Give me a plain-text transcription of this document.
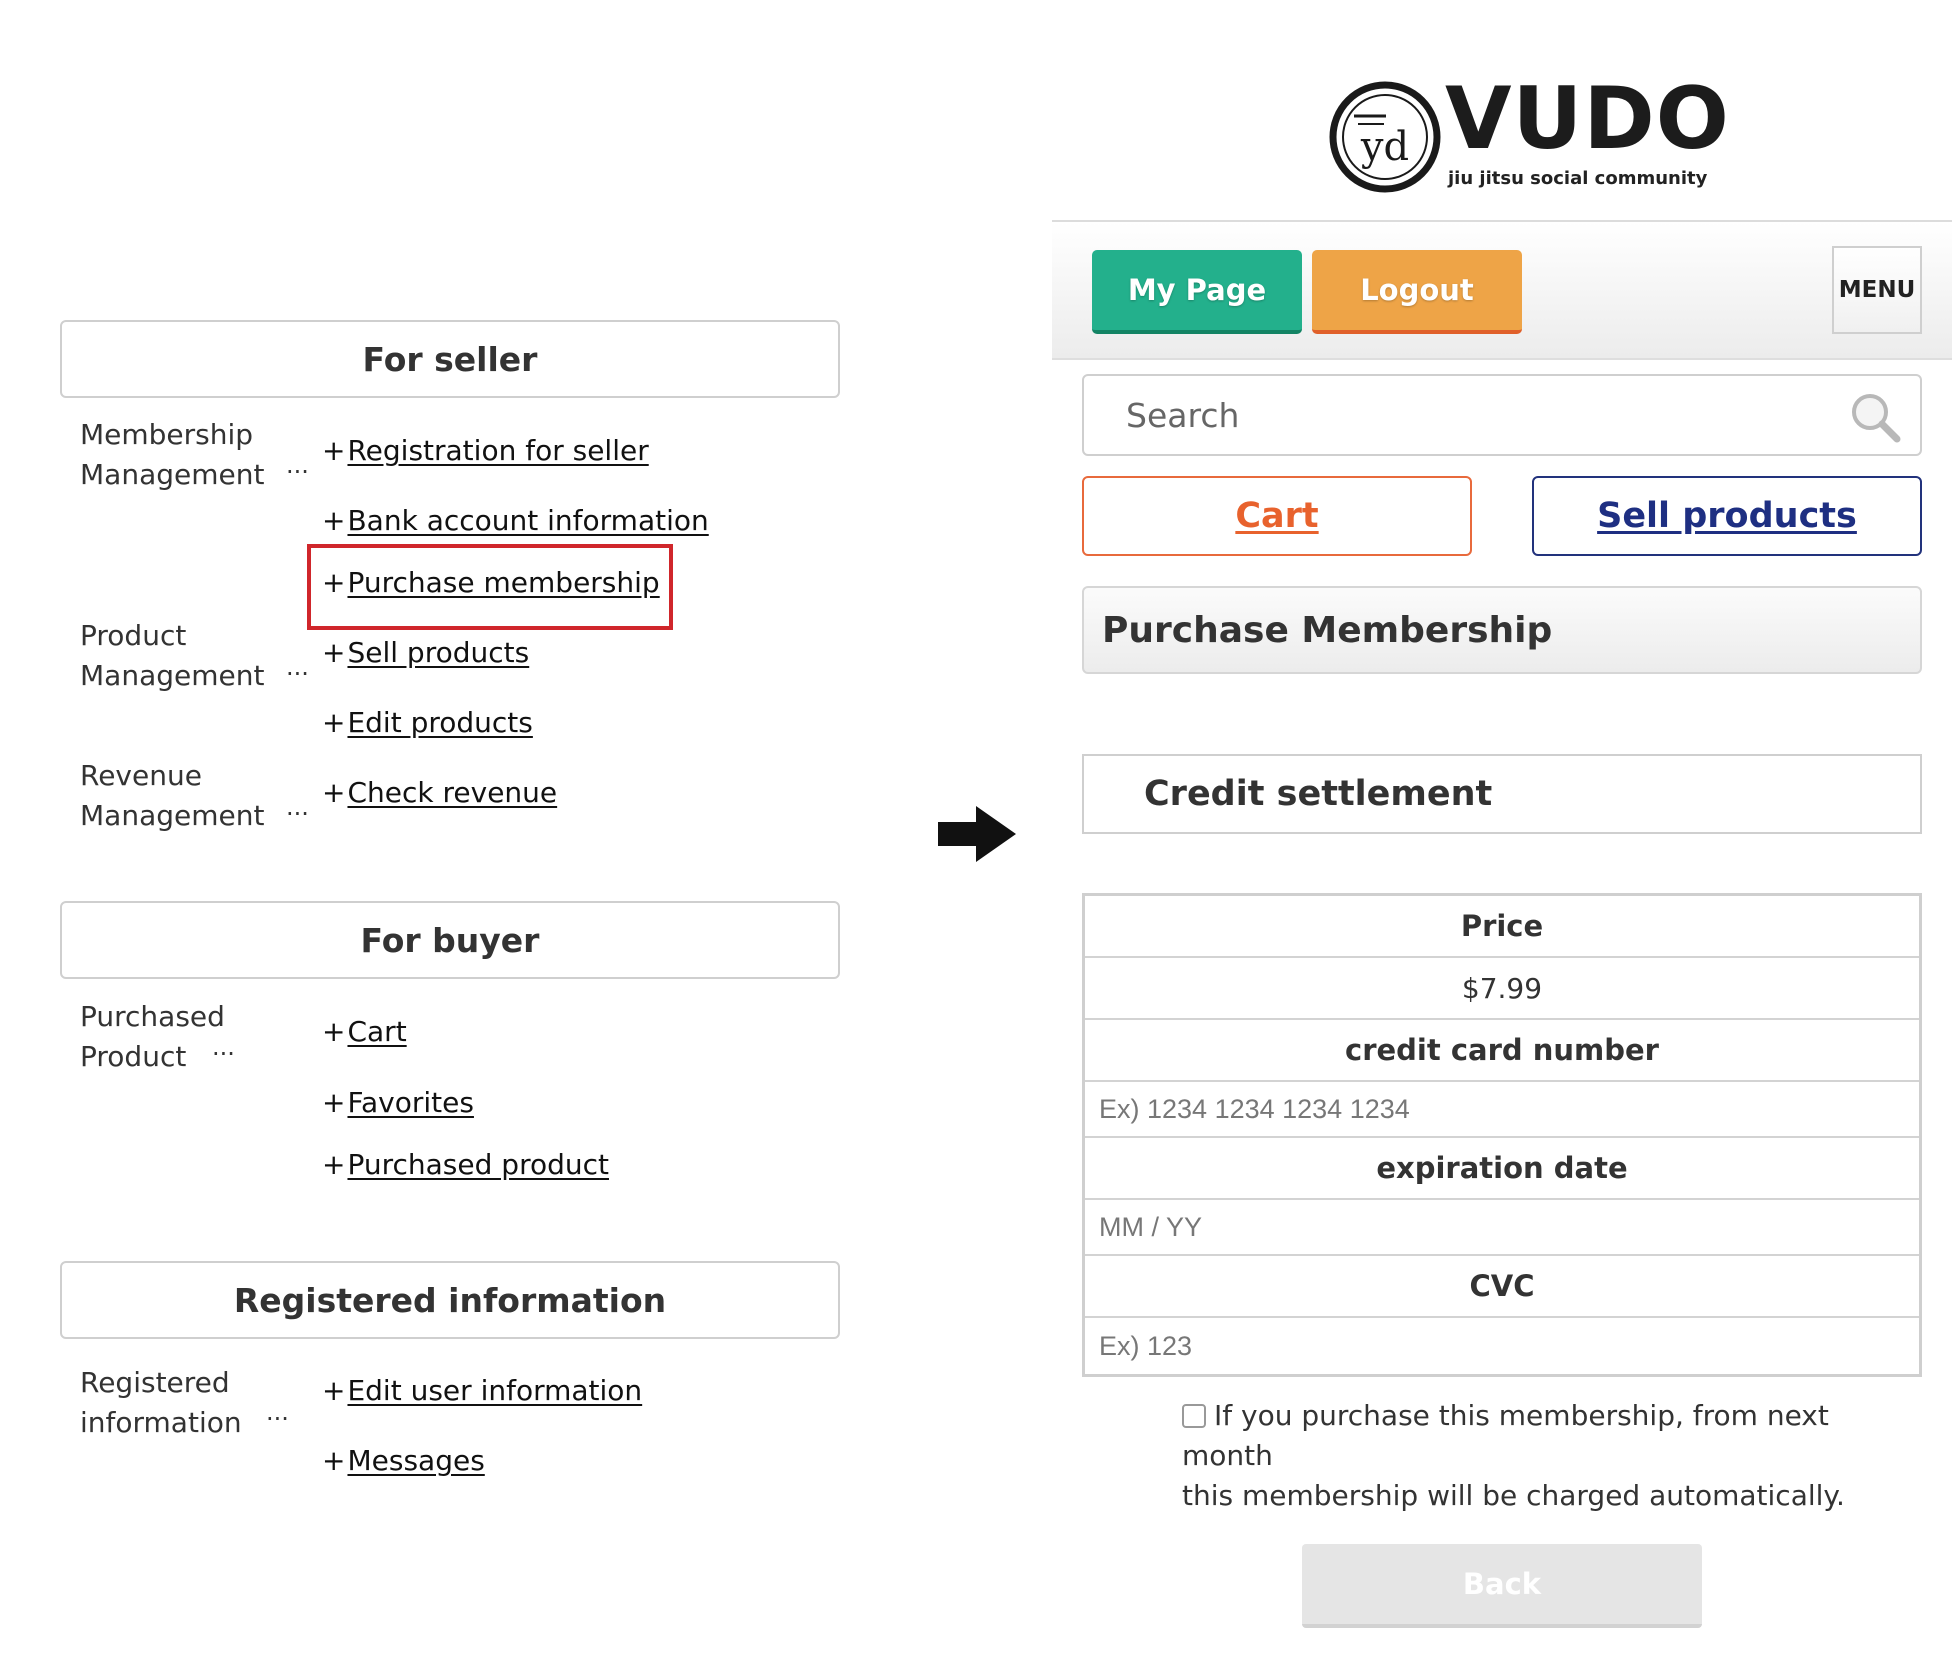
For seller
Membership
Management ···
+Registration for seller
+Bank account information
+Purchase membership
Product
Management ···
+Sell products
+Edit products
Revenue
Management ···
+Check revenue
For buyer
Purchased
Product	···
+Cart
+Favorites
+Purchased product
Registered information
Registered
information ···
+Edit user information
+Messages
yd VUDO
jiu jitsu social community
My Page	Logout	MENU
Search
Cart	Sell products
Purchase Membership
Credit settlement
Price
$7.99
credit card number
Ex) 1234 1234 1234 1234
expiration date
MM / YY
CVC
Ex) 123
If you purchase this membership, from next month
this membership will be charged automatically.
Back
